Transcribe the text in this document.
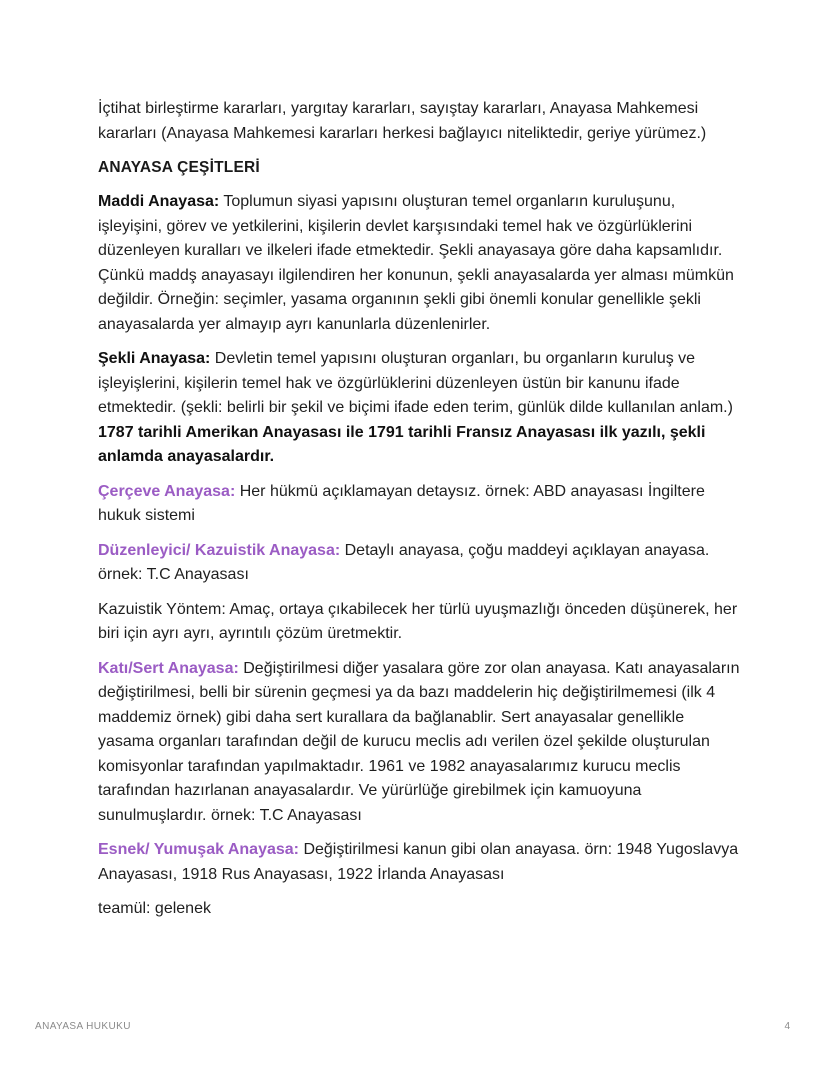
İçtihat birleştirme kararları, yargıtay kararları, sayıştay kararları, Anayasa Mahkemesi kararları (Anayasa Mahkemesi kararları herkesi bağlayıcı niteliktedir, geriye yürümez.)

ANAYASA ÇEŞİTLERİ

Maddi Anayasa: Toplumun siyasi yapısını oluşturan temel organların kuruluşunu, işleyişini, görev ve yetkilerini, kişilerin devlet karşısındaki temel hak ve özgürlüklerini düzenleyen kuralları ve ilkeleri ifade etmektedir. Şekli anayasaya göre daha kapsamlıdır. Çünkü maddş anayasayı ilgilendiren her konunun, şekli anayasalarda yer alması mümkün değildir. Örneğin: seçimler, yasama organının şekli gibi önemli konular genellikle şekli anayasalarda yer almayıp ayrı kanunlarla düzenlenirler.

Şekli Anayasa: Devletin temel yapısını oluşturan organları, bu organların kuruluş ve işleyişlerini, kişilerin temel hak ve özgürlüklerini düzenleyen üstün bir kanunu ifade etmektedir. (şekli: belirli bir şekil ve biçimi ifade eden terim, günlük dilde kullanılan anlam.) 1787 tarihli Amerikan Anayasası ile 1791 tarihli Fransız Anayasası ilk yazılı, şekli anlamda anayasalardır.

Çerçeve Anayasa: Her hükmü açıklamayan detaysız. örnek: ABD anayasası İngiltere hukuk sistemi

Düzenleyici/ Kazuistik Anayasa: Detaylı anayasa, çoğu maddeyi açıklayan anayasa. örnek: T.C Anayasası

Kazuistik Yöntem: Amaç, ortaya çıkabilecek her türlü uyuşmazlığı önceden düşünerek, her biri için ayrı ayrı, ayrıntılı çözüm üretmektir.

Katı/Sert Anayasa: Değiştirilmesi diğer yasalara göre zor olan anayasa. Katı anayasaların değiştirilmesi, belli bir sürenin geçmesi ya da bazı maddelerin hiç değiştirilmemesi (ilk 4 maddemiz örnek) gibi daha sert kurallara da bağlanablir. Sert anayasalar genellikle yasama organları tarafından değil de kurucu meclis adı verilen özel şekilde oluşturulan komisyonlar tarafından yapılmaktadır. 1961 ve 1982 anayasalarımız kurucu meclis tarafından hazırlanan anayasalardır. Ve yürürlüğe girebilmek için kamuoyuna sunulmuşlardır. örnek: T.C Anayasası

Esnek/ Yumuşak Anayasa: Değiştirilmesi kanun gibi olan anayasa. örn: 1948 Yugoslavya Anayasası, 1918 Rus Anayasası, 1922 İrlanda Anayasası

teamül: gelenek

ANAYASA HUKUKU	4
